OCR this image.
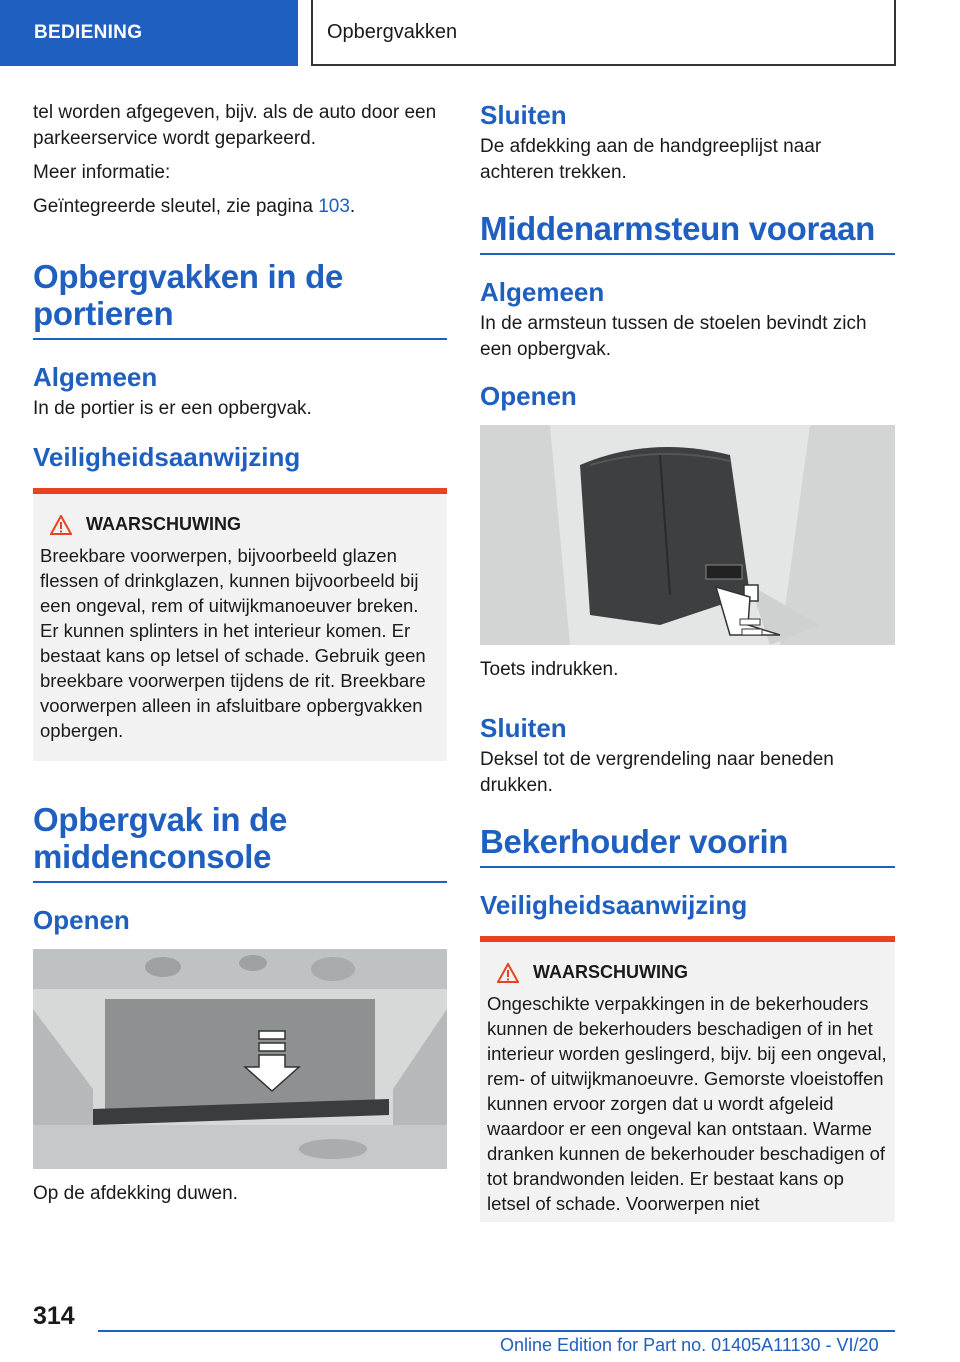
BEDIENING	Opbergvakken

tel worden afgegeven, bijv. als de auto door een parkeerservice wordt geparkeerd.

Meer informatie:

Geïntegreerde sleutel, zie pagina 103.

Opbergvakken in de portieren
Algemeen

In de portier is er een opbergvak.

Veiligheidsaanwijzing
WAARSCHUWING

Breekbare voorwerpen, bijvoorbeeld glazen flessen of drinkglazen, kunnen bijvoorbeeld bij een ongeval, rem of uitwijkmanoeuver breken. Er kunnen splinters in het interieur komen. Er bestaat kans op letsel of schade. Gebruik geen breekbare voorwerpen tijdens de rit. Breekbare voorwerpen alleen in afsluitbare opbergvakken opbergen.

Opbergvak in de middenconsole
Openen

Op de afdekking duwen.

Sluiten

De afdekking aan de handgreeplijst naar achteren trekken.

Middenarmsteun vooraan
Algemeen

In de armsteun tussen de stoelen bevindt zich een opbergvak.

Openen

Toets indrukken.

Sluiten

Deksel tot de vergrendeling naar beneden drukken.

Bekerhouder voorin
Veiligheidsaanwijzing
WAARSCHUWING

Ongeschikte verpakkingen in de bekerhouders kunnen de bekerhouders beschadigen of in het interieur worden geslingerd, bijv. bij een ongeval, rem- of uitwijkmanoeuvre. Gemorste vloeistoffen kunnen ervoor zorgen dat u wordt afgeleid waardoor er een ongeval kan ontstaan. Warme dranken kunnen de bekerhouder beschadigen of tot brandwonden leiden. Er bestaat kans op letsel of schade. Voorwerpen niet

314
Online Edition for Part no. 01405A11130 - VI/20
